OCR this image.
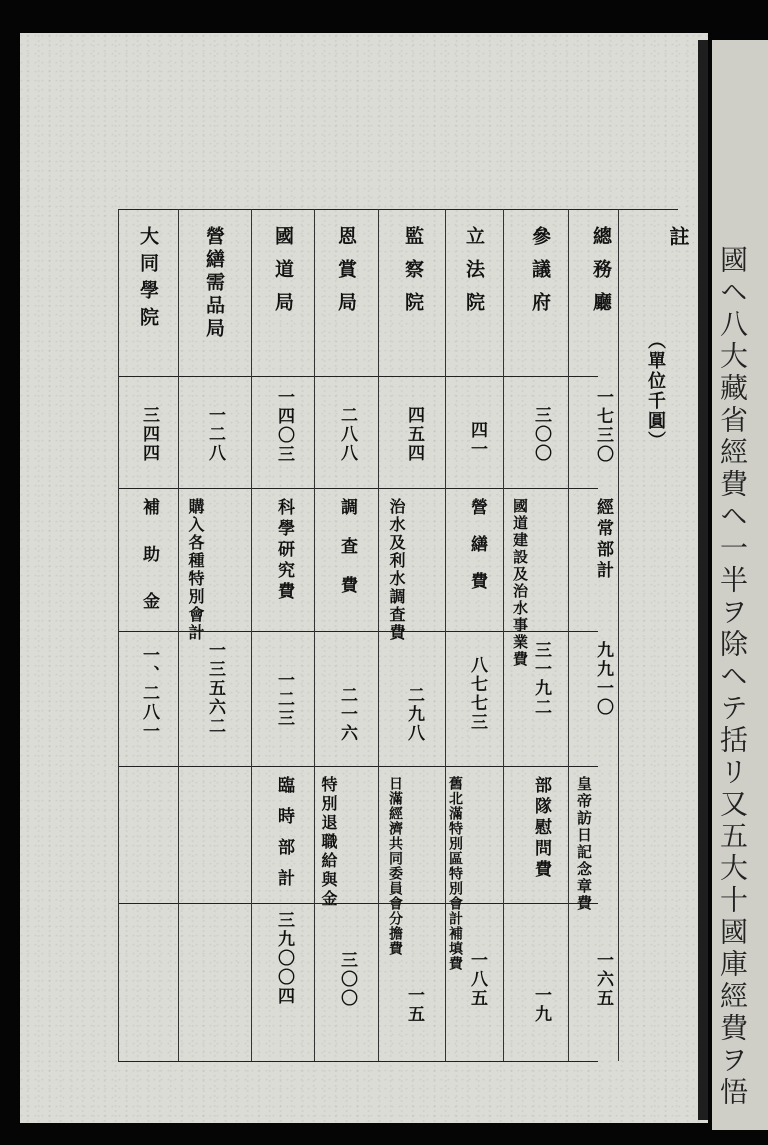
註
（單位千圓）
總務廳
一七三〇
經常部計
九九一〇
皇帝訪日記念章費
一六五
參議府
三〇〇
國道建設及治水事業費
三一九二
部隊慰問費
一九
立法院
四一
營繕費
八七七三
舊北滿特別區特別會計補填費
一八五
監察院
四五四
治水及利水調査費
二九八
日滿經濟共同委員會分擔費
一五
恩賞局
二八八
調査費
二一六
特別退職給與金
三〇〇
國道局
一四〇三
科學研究費
一二三
臨時部計
三九〇〇四
營繕需品局
一二八
購入各種特別會計
一三五六二
大同學院
三四四
補助金
一、二八一	國ヘ八大藏省經費ヘ一半ヲ除ヘテ括リ又五大十國庫經費ヲ悟
